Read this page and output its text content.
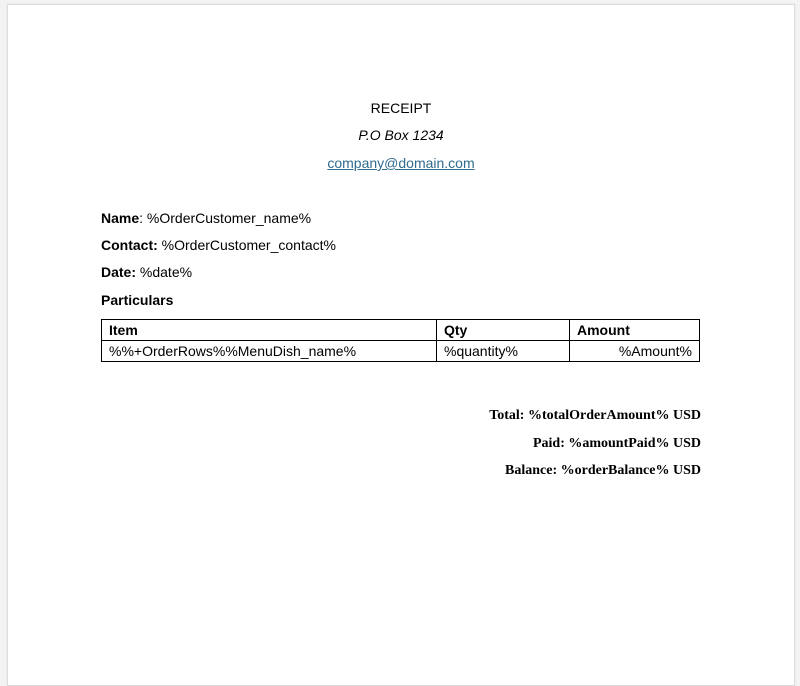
RECEIPT
P.O Box 1234
company@domain.com
Name: %OrderCustomer_name%
Contact: %OrderCustomer_contact%
Date: %date%
Particulars
Item	Qty	Amount
%%+OrderRows%%MenuDish_name%	%quantity%	%Amount%
Total: %totalOrderAmount% USD
Paid: %amountPaid% USD
Balance: %orderBalance% USD
